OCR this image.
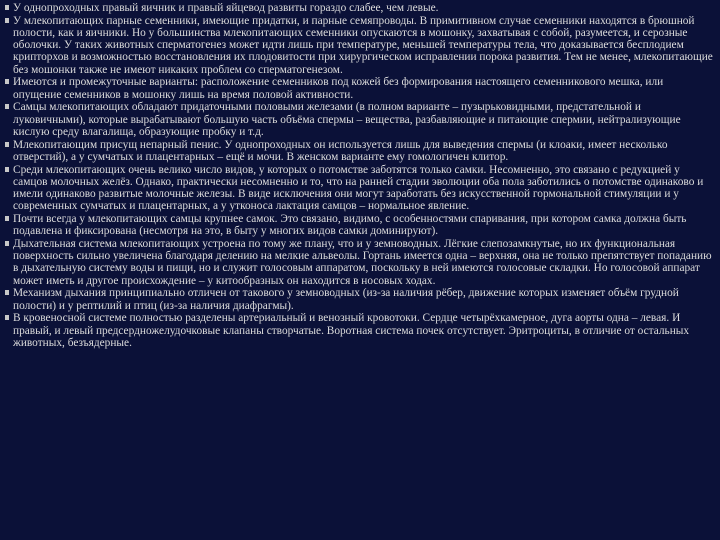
У однопроходных правый яичник и правый яйцевод развиты гораздо слабее, чем левые.
У млекопитающих парные семенники, имеющие придатки, и парные семяпроводы. В примитивном случае семенники находятся в брюшной полости, как и яичники. Но у большинства млекопитающих семенники опускаются в мошонку, захватывая с собой, разумеется, и серозные оболочки. У таких животных сперматогенез может идти лишь при температуре, меньшей температуры тела, что доказывается бесплодием крипторхов и возможностью восстановления их плодовитости при хирургическом исправлении порока развития. Тем не менее, млекопитающие без мошонки также не имеют никаких проблем со сперматогенезом.
Имеются и промежуточные варианты: расположение семенников под кожей без формирования настоящего семенникового мешка, или опущение семенников в мошонку лишь на время половой активности.
Самцы млекопитающих обладают придаточными половыми железами (в полном варианте – пузырьковидными, предстательной и луковичными), которые вырабатывают большую часть объёма спермы – вещества, разбавляющие и питающие спермии, нейтрализующие кислую среду влагалища, образующие пробку и т.д.
Млекопитающим присущ непарный пенис. У однопроходных он используется лишь для выведения спермы (и клоаки, имеет несколько отверстий), а у сумчатых и плацентарных – ещё и мочи. В женском варианте ему гомологичен клитор.
Среди млекопитающих очень велико число видов, у которых о потомстве заботятся только самки. Несомненно, это связано с редукцией у самцов молочных желёз. Однако, практически несомненно и то, что на ранней стадии эволюции оба пола заботились о потомстве одинаково и имели одинаково развитые молочные железы. В виде исключения они могут заработать без искусственной гормональной стимуляции и у современных сумчатых и плацентарных, а у утконоса лактация самцов – нормальное явление.
Почти всегда у млекопитающих самцы крупнее самок. Это связано, видимо, с особенностями спаривания, при котором самка должна быть подавлена и фиксирована (несмотря на это, в быту у многих видов самки доминируют).
Дыхательная система млекопитающих устроена по тому же плану, что и у земноводных. Лёгкие слепозамкнутые, но их функциональная поверхность сильно увеличена благодаря делению на мелкие альвеолы. Гортань имеется одна – верхняя, она не только препятствует попаданию в дыхательную систему воды и пищи, но и служит голосовым аппаратом, поскольку в ней имеются голосовые складки. Но голосовой аппарат может иметь и другое происхождение – у китообразных он находится в носовых ходах.
Механизм дыхания принципиально отличен от такового у земноводных (из-за наличия рёбер, движение которых изменяет объём грудной полости) и у рептилий и птиц (из-за наличия диафрагмы).
В кровеносной системе полностью разделены артериальный и венозный кровотоки. Сердце четырёхкамерное, дуга аорты одна – левая. И правый, и левый предсердножелудочковые клапаны створчатые. Воротная система почек отсутствует. Эритроциты, в отличие от остальных животных, безъядерные.
